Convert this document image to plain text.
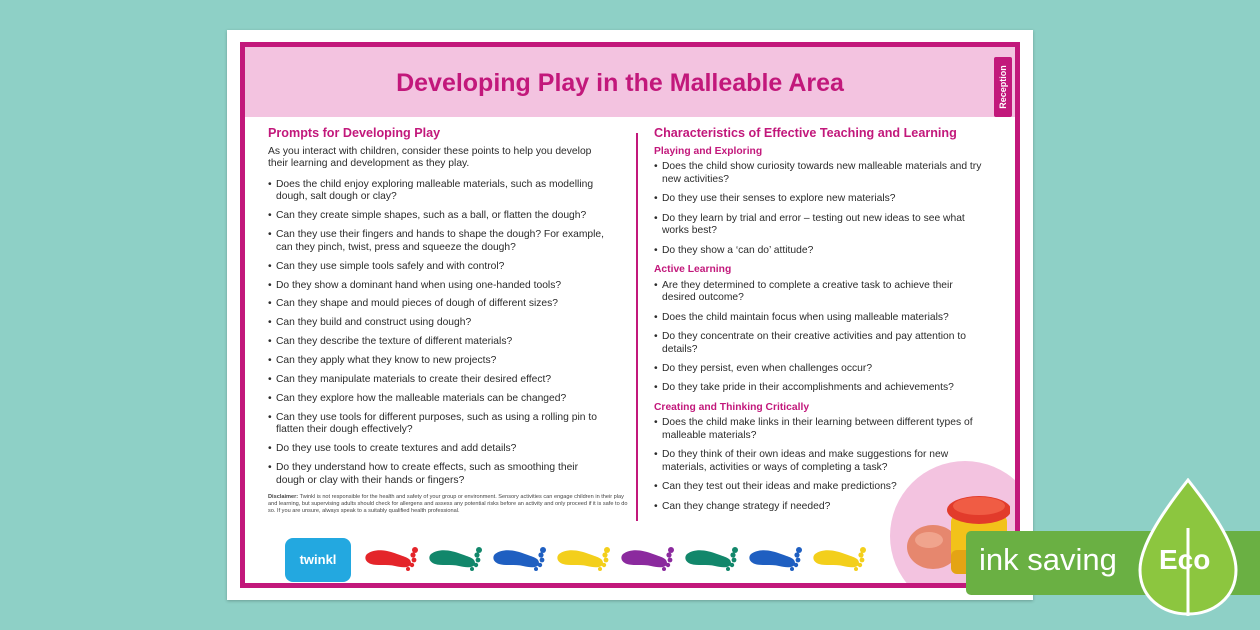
Developing Play in the Malleable Area	Reception
Prompts for Developing Play
As you interact with children, consider these points to help you develop their learning and development as they play.
• Does the child enjoy exploring malleable materials, such as modelling dough, salt dough or clay?
• Can they create simple shapes, such as a ball, or flatten the dough?
• Can they use their fingers and hands to shape the dough? For example, can they pinch, twist, press and squeeze the dough?
• Can they use simple tools safely and with control?
• Do they show a dominant hand when using one-handed tools?
• Can they shape and mould pieces of dough of different sizes?
• Can they build and construct using dough?
• Can they describe the texture of different materials?
• Can they apply what they know to new projects?
• Can they manipulate materials to create their desired effect?
• Can they explore how the malleable materials can be changed?
• Can they use tools for different purposes, such as using a rolling pin to flatten their dough effectively?
• Do they use tools to create textures and add details?
• Do they understand how to create effects, such as smoothing their dough or clay with their hands or fingers?
Disclaimer: Twinkl is not responsible for the health and safety of your group or environment. Sensory activities can engage children in their play and learning, but supervising adults should check for allergens and assess any potential risks before an activity and only proceed if it is safe to do so. If you are unsure, always speak to a suitably qualified health professional.
Characteristics of Effective Teaching and Learning
Playing and Exploring
• Does the child show curiosity towards new malleable materials and try new activities?
• Do they use their senses to explore new materials?
• Do they learn by trial and error – testing out new ideas to see what works best?
• Do they show a ‘can do’ attitude?
Active Learning
• Are they determined to complete a creative task to achieve their desired outcome?
• Does the child maintain focus when using malleable materials?
• Do they concentrate on their creative activities and pay attention to details?
• Do they persist, even when challenges occur?
• Do they take pride in their accomplishments and achievements?
Creating and Thinking Critically
• Does the child make links in their learning between different types of malleable materials?
• Do they think of their own ideas and make suggestions for new materials, activities or ways of completing a task?
• Can they test out their ideas and make predictions?
• Can they change strategy if needed?
twinkl	ink saving Eco
